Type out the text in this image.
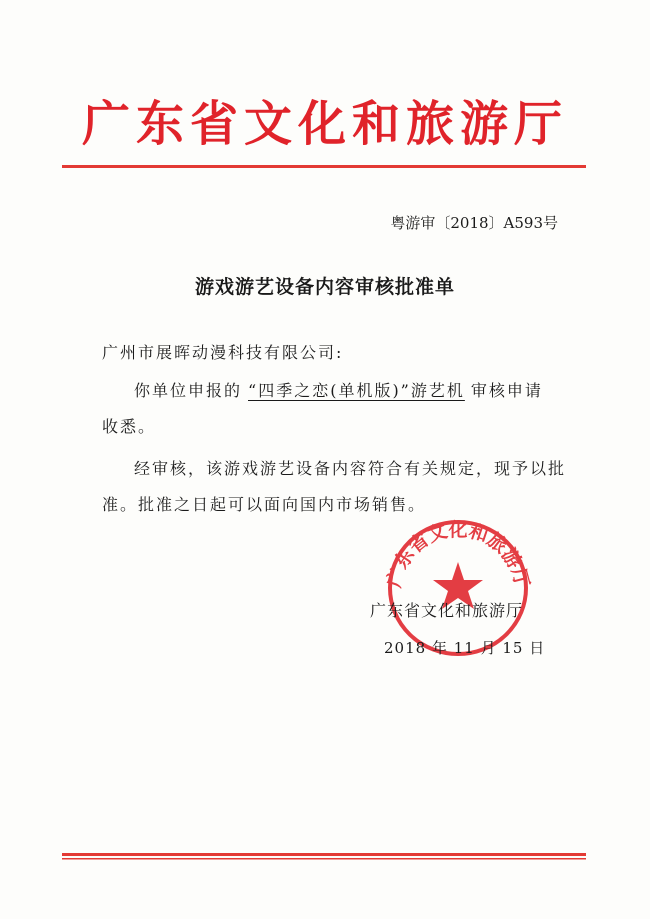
广东省文化和旅游厅
粤游审〔2018〕A593号
游戏游艺设备内容审核批准单
广州市展晖动漫科技有限公司:
你单位申报的 “四季之恋(单机版)”游艺机 审核申请
收悉。
经审核，该游戏游艺设备内容符合有关规定，现予以批
准。批准之日起可以面向国内市场销售。
广东省文化和旅游厅
广东省文化和旅游厅
2018 年 11 月 15 日
